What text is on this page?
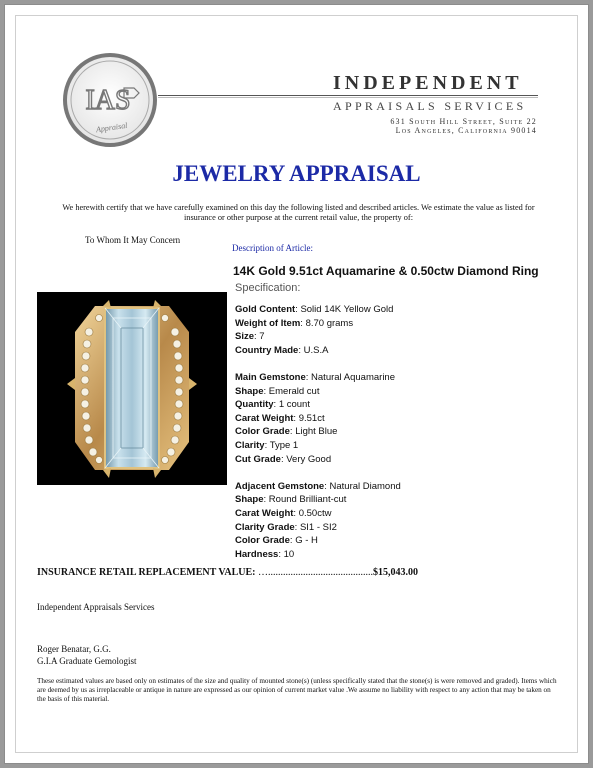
IAS
Appraisal
INDEPENDENT
APPRAISALS SERVICES
631 South Hill Street, Suite 22
Los Angeles, California 90014
JEWELRY APPRAISAL
We herewith certify that we have carefully examined on this day the following listed and described articles. We estimate the value as listed for insurance or other purpose at the current retail value, the property of:
To Whom It May Concern
Description of Article:
14K Gold 9.51ct Aquamarine & 0.50ctw Diamond Ring
Specification:
Gold Content: Solid 14K Yellow Gold
Weight of Item: 8.70 grams
Size: 7
Country Made: U.S.A
Main Gemstone: Natural Aquamarine
Shape: Emerald cut
Quantity: 1 count
Carat Weight: 9.51ct
Color Grade: Light Blue
Clarity: Type 1
Cut Grade: Very Good
Adjacent Gemstone: Natural Diamond
Shape: Round Brilliant-cut
Carat Weight: 0.50ctw
Clarity Grade: SI1 - SI2
Color Grade: G - H
Hardness: 10
INSURANCE RETAIL REPLACEMENT VALUE: …..........................................$15,043.00
Independent Appraisals Services
Roger Benatar, G.G.
G.I.A Graduate Gemologist
These estimated values are based only on estimates of the size and quality of mounted stone(s) (unless specifically stated that the stone(s) is were removed and graded). Items which are deemed by us as irreplaceable or antique in nature are expressed as our opinion of current market value .We assume no liability with respect to any action that may be taken on the basis of this material.
